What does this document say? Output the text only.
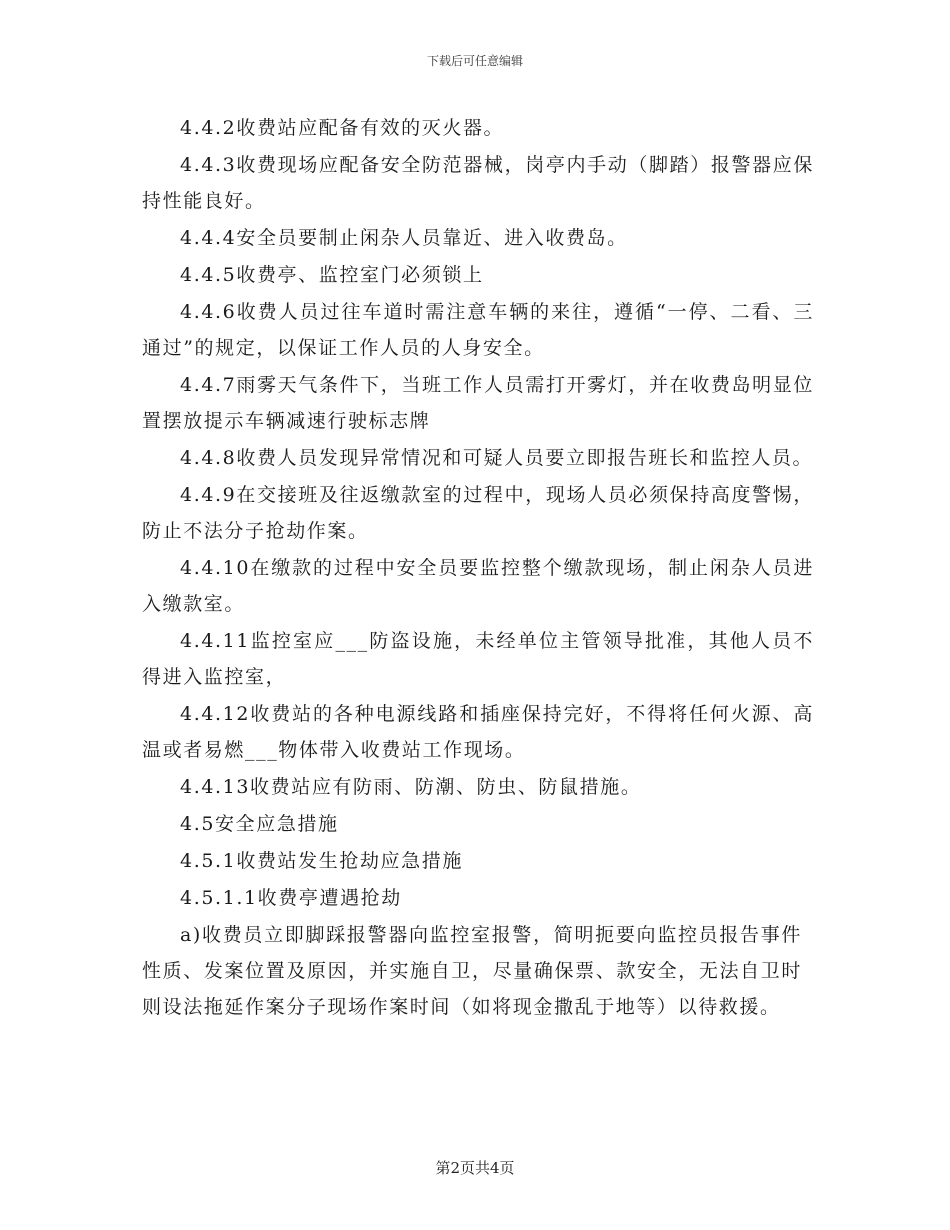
下载后可任意编辑

4.4.2收费站应配备有效的灭火器。

4.4.3收费现场应配备安全防范器械，岗亭内手动（脚踏）报警器应保持性能良好。

4.4.4安全员要制止闲杂人员靠近、进入收费岛。

4.4.5收费亭、监控室门必须锁上

4.4.6收费人员过往车道时需注意车辆的来往，遵循“一停、二看、三通过”的规定，以保证工作人员的人身安全。

4.4.7雨雾天气条件下，当班工作人员需打开雾灯，并在收费岛明显位置摆放提示车辆减速行驶标志牌

4.4.8收费人员发现异常情况和可疑人员要立即报告班长和监控人员。

4.4.9在交接班及往返缴款室的过程中，现场人员必须保持高度警惕，防止不法分子抢劫作案。

4.4.10在缴款的过程中安全员要监控整个缴款现场，制止闲杂人员进入缴款室。

4.4.11监控室应___防盗设施，未经单位主管领导批准，其他人员不得进入监控室，

4.4.12收费站的各种电源线路和插座保持完好，不得将任何火源、高温或者易燃___物体带入收费站工作现场。

4.4.13收费站应有防雨、防潮、防虫、防鼠措施。

4.5安全应急措施

4.5.1收费站发生抢劫应急措施

4.5.1.1收费亭遭遇抢劫

a)收费员立即脚踩报警器向监控室报警，简明扼要向监控员报告事件性质、发案位置及原因，并实施自卫，尽量确保票、款安全，无法自卫时则设法拖延作案分子现场作案时间（如将现金撒乱于地等）以待救援。

第2页共4页
